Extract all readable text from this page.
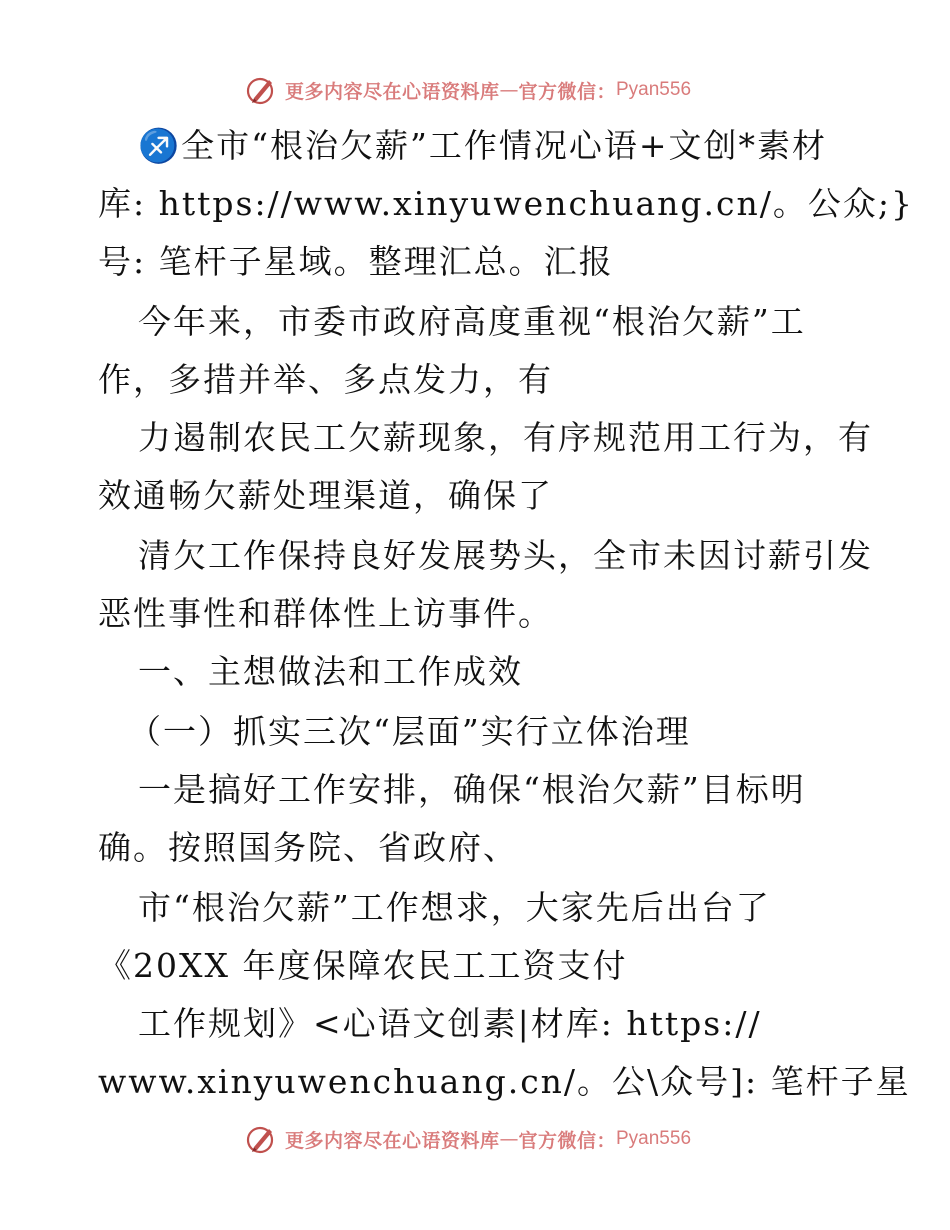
更多内容尽在心语资料库 — 官方微信： Pyan556
♐全市“根治欠薪”工作情况心语+文创*素材
库: https://www.xinyuwenchuang.cn/。公众;}
号: 笔杆子星域。整理汇总。汇报
今年来，市委市政府高度重视“根治欠薪”工
作，多措并举、多点发力，有
力遏制农民工欠薪现象，有序规范用工行为，有
效通畅欠薪处理渠道，确保了
清欠工作保持良好发展势头，全市未因讨薪引发
恶性事性和群体性上访事件。
一、主想做法和工作成效
（一）抓实三次“层面”实行立体治理
一是搞好工作安排，确保“根治欠薪”目标明
确。按照国务院、省政府、
市“根治欠薪”工作想求，大家先后出台了
《20XX 年度保障农民工工资支付
工作规划》<心语文创素|材库: https://
www.xinyuwenchuang.cn/。公\众号]: 笔杆子星
更多内容尽在心语资料库 — 官方微信： Pyan556
